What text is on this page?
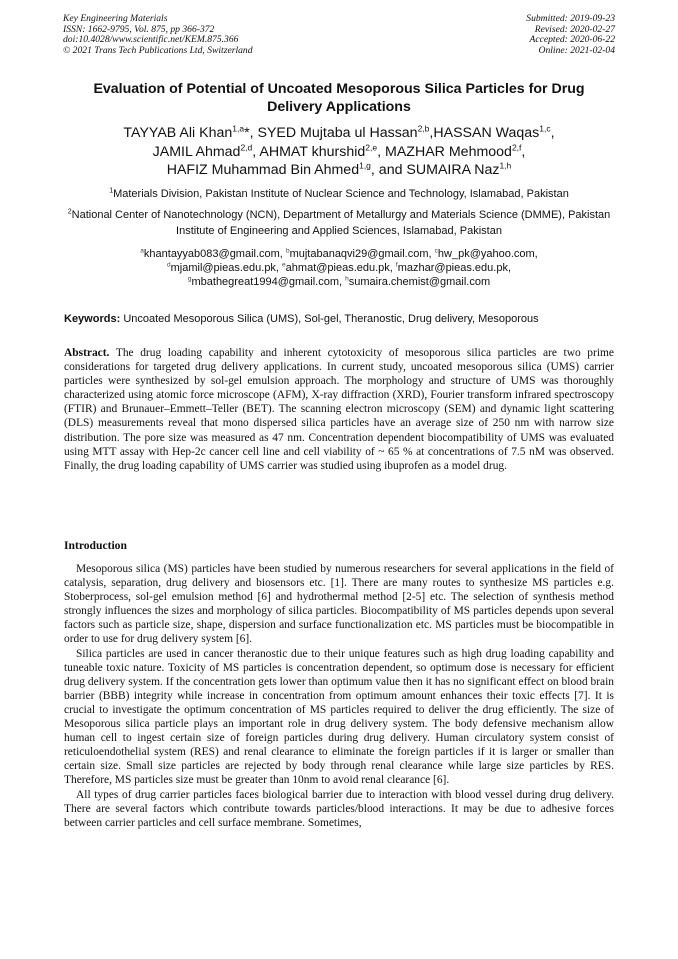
Key Engineering Materials
ISSN: 1662-9795, Vol. 875, pp 366-372
doi:10.4028/www.scientific.net/KEM.875.366
© 2021 Trans Tech Publications Ltd, Switzerland
Submitted: 2019-09-23
Revised: 2020-02-27
Accepted: 2020-06-22
Online: 2021-02-04
Evaluation of Potential of Uncoated Mesoporous Silica Particles for Drug Delivery Applications
TAYYAB Ali Khan$^{1,a}$*, SYED Mujtaba ul Hassan$^{2,b}$,HASSAN Waqas$^{1,c}$,
JAMIL Ahmad$^{2,d}$, AHMAT khurshid$^{2,e}$, MAZHAR Mehmood$^{2,f}$,
HAFIZ Muhammad Bin Ahmed$^{1,g}$, and SUMAIRA Naz$^{1,h}$
$^1$Materials Division, Pakistan Institute of Nuclear Science and Technology, Islamabad, Pakistan
$^2$National Center of Nanotechnology (NCN), Department of Metallurgy and Materials Science (DMME), Pakistan Institute of Engineering and Applied Sciences, Islamabad, Pakistan
$^a$khantayyab083@gmail.com, $^b$mujtabanaqvi29@gmail.com, $^c$hw_pk@yahoo.com,
$^d$mjamil@pieas.edu.pk, $^e$ahmat@pieas.edu.pk, $^f$mazhar@pieas.edu.pk,
$^g$mbathegreat1994@gmail.com, $^h$sumaira.chemist@gmail.com
Keywords: Uncoated Mesoporous Silica (UMS), Sol-gel, Theranostic, Drug delivery, Mesoporous
Abstract. The drug loading capability and inherent cytotoxicity of mesoporous silica particles are two prime considerations for targeted drug delivery applications. In current study, uncoated mesoporous silica (UMS) carrier particles were synthesized by sol-gel emulsion approach. The morphology and structure of UMS was thoroughly characterized using atomic force microscope (AFM), X-ray diffraction (XRD), Fourier transform infrared spectroscopy (FTIR) and Brunauer–Emmett–Teller (BET). The scanning electron microscopy (SEM) and dynamic light scattering (DLS) measurements reveal that mono dispersed silica particles have an average size of 250 nm with narrow size distribution. The pore size was measured as 47 nm. Concentration dependent biocompatibility of UMS was evaluated using MTT assay with Hep-2c cancer cell line and cell viability of ~ 65 % at concentrations of 7.5 nM was observed. Finally, the drug loading capability of UMS carrier was studied using ibuprofen as a model drug.
Introduction

Mesoporous silica (MS) particles have been studied by numerous researchers for several applications in the field of catalysis, separation, drug delivery and biosensors etc. [1]. There are many routes to synthesize MS particles e.g. Stoberprocess, sol-gel emulsion method [6] and hydrothermal method [2-5] etc. The selection of synthesis method strongly influences the sizes and morphology of silica particles. Biocompatibility of MS particles depends upon several factors such as particle size, shape, dispersion and surface functionalization etc. MS particles must be biocompatible in order to use for drug delivery system [6].

Silica particles are used in cancer theranostic due to their unique features such as high drug loading capability and tuneable toxic nature. Toxicity of MS particles is concentration dependent, so optimum dose is necessary for efficient drug delivery system. If the concentration gets lower than optimum value then it has no significant effect on blood brain barrier (BBB) integrity while increase in concentration from optimum amount enhances their toxic effects [7]. It is crucial to investigate the optimum concentration of MS particles required to deliver the drug efficiently. The size of Mesoporous silica particle plays an important role in drug delivery system. The body defensive mechanism allow human cell to ingest certain size of foreign particles during drug delivery. Human circulatory system consist of reticuloendothelial system (RES) and renal clearance to eliminate the foreign particles if it is larger or smaller than certain size. Small size particles are rejected by body through renal clearance while large size particles by RES. Therefore, MS particles size must be greater than 10nm to avoid renal clearance [6].

All types of drug carrier particles faces biological barrier due to interaction with blood vessel during drug delivery. There are several factors which contribute towards particles/blood interactions. It may be due to adhesive forces between carrier particles and cell surface membrane. Sometimes,
